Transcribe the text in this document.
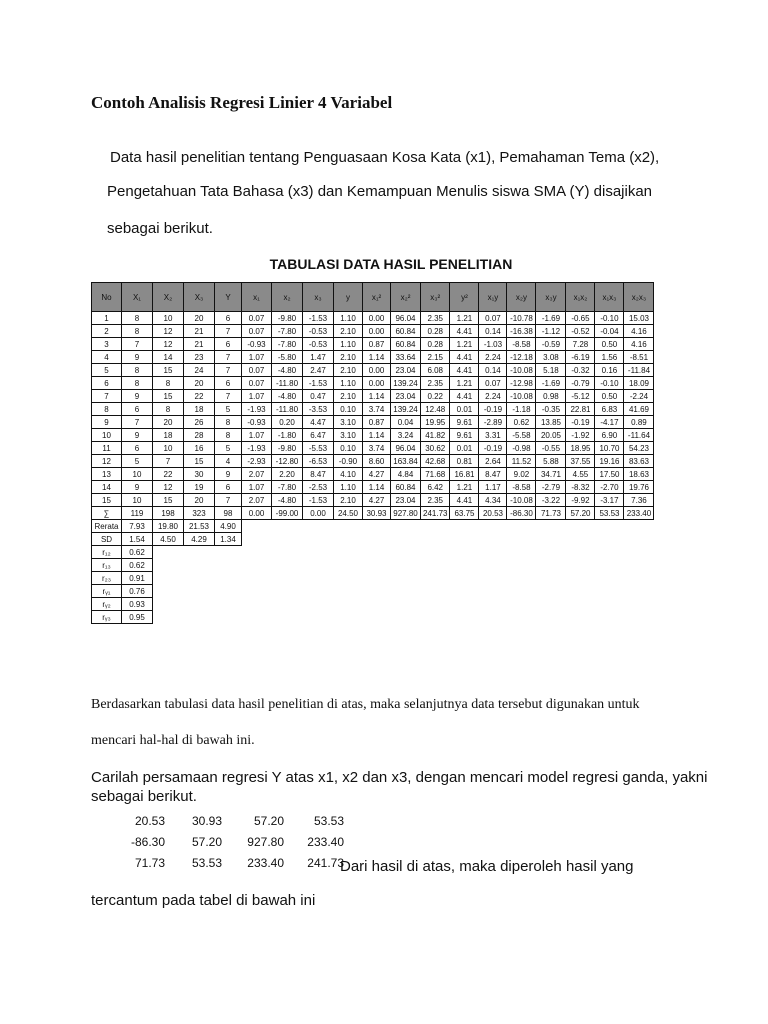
Contoh Analisis Regresi Linier 4 Variabel
Data hasil penelitian tentang Penguasaan Kosa Kata (x1), Pemahaman Tema (x2),
Pengetahuan Tata Bahasa (x3) dan Kemampuan Menulis siswa SMA (Y) disajikan
sebagai berikut.
TABULASI DATA HASIL PENELITIAN
No	X₁	X₂	X₃	Y	x₁	x₂	x₃	y	x₁²	x₂²	x₃²	y²	x₁y	x₂y	x₃y	x₁x₂	x₁x₃	x₂x₃
1	8	10	20	6	0.07	-9.80	-1.53	1.10	0.00	96.04	2.35	1.21	0.07	-10.78	-1.69	-0.65	-0.10	15.03
2	8	12	21	7	0.07	-7.80	-0.53	2.10	0.00	60.84	0.28	4.41	0.14	-16.38	-1.12	-0.52	-0.04	4.16
3	7	12	21	6	-0.93	-7.80	-0.53	1.10	0.87	60.84	0.28	1.21	-1.03	-8.58	-0.59	7.28	0.50	4.16
4	9	14	23	7	1.07	-5.80	1.47	2.10	1.14	33.64	2.15	4.41	2.24	-12.18	3.08	-6.19	1.56	-8.51
5	8	15	24	7	0.07	-4.80	2.47	2.10	0.00	23.04	6.08	4.41	0.14	-10.08	5.18	-0.32	0.16	-11.84
6	8	8	20	6	0.07	-11.80	-1.53	1.10	0.00	139.24	2.35	1.21	0.07	-12.98	-1.69	-0.79	-0.10	18.09
7	9	15	22	7	1.07	-4.80	0.47	2.10	1.14	23.04	0.22	4.41	2.24	-10.08	0.98	-5.12	0.50	-2.24
8	6	8	18	5	-1.93	-11.80	-3.53	0.10	3.74	139.24	12.48	0.01	-0.19	-1.18	-0.35	22.81	6.83	41.69
9	7	20	26	8	-0.93	0.20	4.47	3.10	0.87	0.04	19.95	9.61	-2.89	0.62	13.85	-0.19	-4.17	0.89
10	9	18	28	8	1.07	-1.80	6.47	3.10	1.14	3.24	41.82	9.61	3.31	-5.58	20.05	-1.92	6.90	-11.64
11	6	10	16	5	-1.93	-9.80	-5.53	0.10	3.74	96.04	30.62	0.01	-0.19	-0.98	-0.55	18.95	10.70	54.23
12	5	7	15	4	-2.93	-12.80	-6.53	-0.90	8.60	163.84	42.68	0.81	2.64	11.52	5.88	37.55	19.16	83.63
13	10	22	30	9	2.07	2.20	8.47	4.10	4.27	4.84	71.68	16.81	8.47	9.02	34.71	4.55	17.50	18.63
14	9	12	19	6	1.07	-7.80	-2.53	1.10	1.14	60.84	6.42	1.21	1.17	-8.58	-2.79	-8.32	-2.70	19.76
15	10	15	20	7	2.07	-4.80	-1.53	2.10	4.27	23.04	2.35	4.41	4.34	-10.08	-3.22	-9.92	-3.17	7.36
∑	119	198	323	98	0.00	-99.00	0.00	24.50	30.93	927.80	241.73	63.75	20.53	-86.30	71.73	57.20	53.53	233.40
Rerata	7.93	19.80	21.53	4.90														
SD	1.54	4.50	4.29	1.34														
r₁₂	0.62																	
r₁₃	0.62																	
r₂₃	0.91																	
rᵧ₁	0.76																	
rᵧ₂	0.93																	
rᵧ₃	0.95																	
Berdasarkan tabulasi data hasil penelitian di atas, maka selanjutnya data tersebut digunakan untuk
mencari hal-hal di bawah ini.
Carilah persamaan regresi Y atas x1, x2 dan x3, dengan mencari model regresi ganda, yakni sebagai berikut.
20.53	30.93	57.20	53.53
-86.30	57.20	927.80	233.40
71.73	53.53	233.40	241.73
Dari hasil di atas, maka diperoleh hasil yang
tercantum pada tabel di bawah ini
